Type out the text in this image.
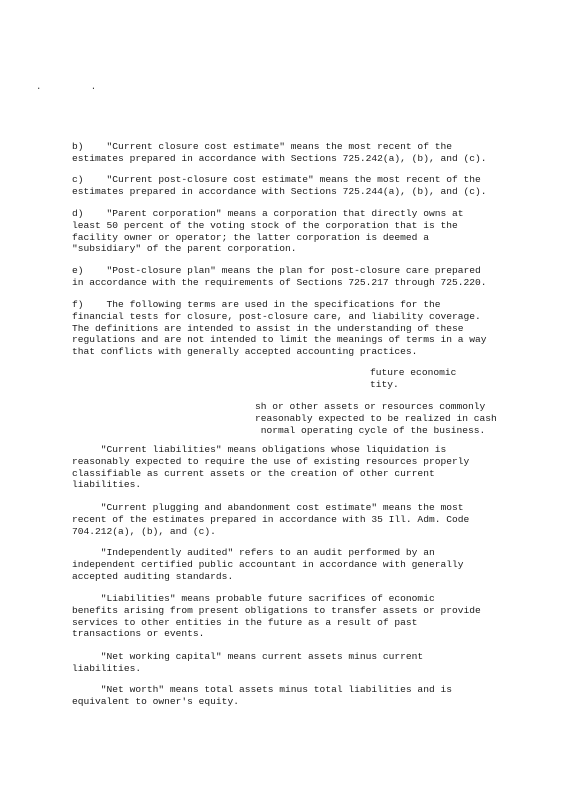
. .
b)    "Current closure cost estimate" means the most recent of the
estimates prepared in accordance with Sections 725.242(a), (b), and (c).
c)    "Current post-closure cost estimate" means the most recent of the
estimates prepared in accordance with Sections 725.244(a), (b), and (c).
d)    "Parent corporation" means a corporation that directly owns at
least 50 percent of the voting stock of the corporation that is the
facility owner or operator; the latter corporation is deemed a
"subsidiary" of the parent corporation.
e)    "Post-closure plan" means the plan for post-closure care prepared
in accordance with the requirements of Sections 725.217 through 725.220.
f)    The following terms are used in the specifications for the
financial tests for closure, post-closure care, and liability coverage.
The definitions are intended to assist in the understanding of these
regulations and are not intended to limit the meanings of terms in a way
that conflicts with generally accepted accounting practices.
future economic
tity.
sh or other assets or resources commonly
reasonably expected to be realized in cash
normal operating cycle of the business.
"Current liabilities" means obligations whose liquidation is
reasonably expected to require the use of existing resources properly
classifiable as current assets or the creation of other current
liabilities.
"Current plugging and abandonment cost estimate" means the most
recent of the estimates prepared in accordance with 35 Ill. Adm. Code
704.212(a), (b), and (c).
"Independently audited" refers to an audit performed by an
independent certified public accountant in accordance with generally
accepted auditing standards.
"Liabilities" means probable future sacrifices of economic
benefits arising from present obligations to transfer assets or provide
services to other entities in the future as a result of past
transactions or events.
"Net working capital" means current assets minus current
liabilities.
"Net worth" means total assets minus total liabilities and is
equivalent to owner's equity.
